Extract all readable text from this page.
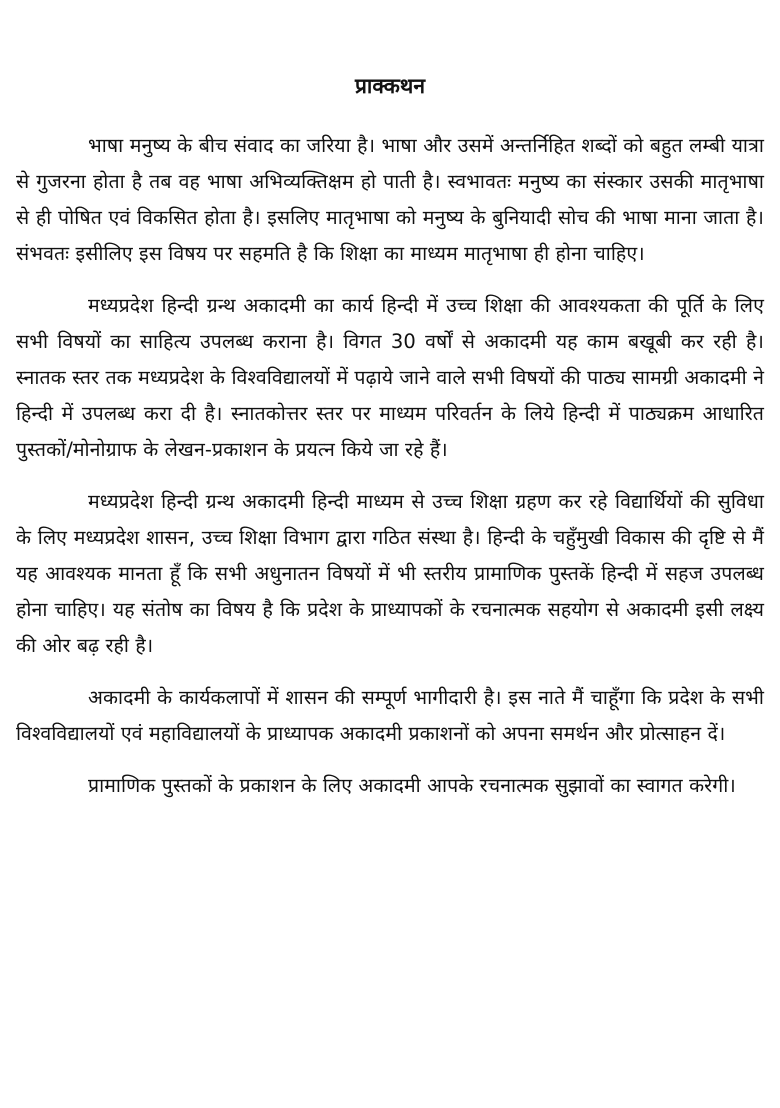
प्राक्कथन

भाषा मनुष्य के बीच संवाद का जरिया है। भाषा और उसमें अन्तर्निहित शब्दों को बहुत लम्बी यात्रा से गुजरना होता है तब वह भाषा अभिव्यक्तिक्षम हो पाती है। स्वभावतः मनुष्य का संस्कार उसकी मातृभाषा से ही पोषित एवं विकसित होता है। इसलिए मातृभाषा को मनुष्य के बुनियादी सोच की भाषा माना जाता है। संभवतः इसीलिए इस विषय पर सहमति है कि शिक्षा का माध्यम मातृभाषा ही होना चाहिए।

मध्यप्रदेश हिन्दी ग्रन्थ अकादमी का कार्य हिन्दी में उच्च शिक्षा की आवश्यकता की पूर्ति के लिए सभी विषयों का साहित्य उपलब्ध कराना है। विगत 30 वर्षों से अकादमी यह काम बखूबी कर रही है। स्नातक स्तर तक मध्यप्रदेश के विश्वविद्यालयों में पढ़ाये जाने वाले सभी विषयों की पाठ्य सामग्री अकादमी ने हिन्दी में उपलब्ध करा दी है। स्नातकोत्तर स्तर पर माध्यम परिवर्तन के लिये हिन्दी में पाठ्यक्रम आधारित पुस्तकों/मोनोग्राफ के लेखन-प्रकाशन के प्रयत्न किये जा रहे हैं।

मध्यप्रदेश हिन्दी ग्रन्थ अकादमी हिन्दी माध्यम से उच्च शिक्षा ग्रहण कर रहे विद्यार्थियों की सुविधा के लिए मध्यप्रदेश शासन, उच्च शिक्षा विभाग द्वारा गठित संस्था है। हिन्दी के चहुँमुखी विकास की दृष्टि से मैं यह आवश्यक मानता हूँ कि सभी अधुनातन विषयों में भी स्तरीय प्रामाणिक पुस्तकें हिन्दी में सहज उपलब्ध होना चाहिए। यह संतोष का विषय है कि प्रदेश के प्राध्यापकों के रचनात्मक सहयोग से अकादमी इसी लक्ष्य की ओर बढ़ रही है।

अकादमी के कार्यकलापों में शासन की सम्पूर्ण भागीदारी है। इस नाते मैं चाहूँगा कि प्रदेश के सभी विश्वविद्यालयों एवं महाविद्यालयों के प्राध्यापक अकादमी प्रकाशनों को अपना समर्थन और प्रोत्साहन दें।

प्रामाणिक पुस्तकों के प्रकाशन के लिए अकादमी आपके रचनात्मक सुझावों का स्वागत करेगी।
